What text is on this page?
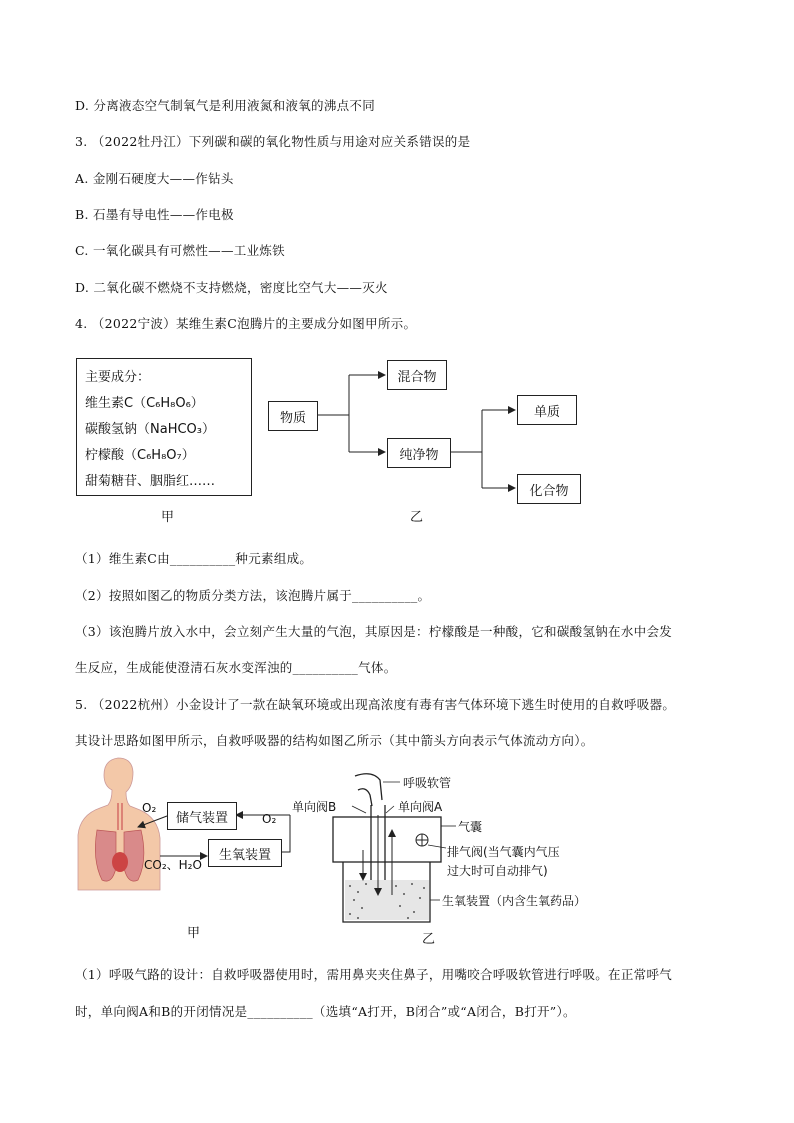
D. 分离液态空气制氧气是利用液氮和液氧的沸点不同
3. （2022牡丹江）下列碳和碳的氧化物性质与用途对应关系错误的是
A. 金刚石硬度大——作钻头
B. 石墨有导电性——作电极
C. 一氧化碳具有可燃性——工业炼铁
D. 二氧化碳不燃烧不支持燃烧，密度比空气大——灭火
4. （2022宁波）某维生素C泡腾片的主要成分如图甲所示。
主要成分：
维生素C（C₆H₈O₆）
碳酸氢钠（NaHCO₃）
柠檬酸（C₆H₈O₇）
甜菊糖苷、胭脂红……
甲
物质
混合物
纯净物
单质
化合物
乙
（1）维生素C由__________种元素组成。
（2）按照如图乙的物质分类方法，该泡腾片属于__________。
（3）该泡腾片放入水中，会立刻产生大量的气泡，其原因是：柠檬酸是一种酸，它和碳酸氢钠在水中会发
生反应，生成能使澄清石灰水变浑浊的__________气体。
5. （2022杭州）小金设计了一款在缺氧环境或出现高浓度有毒有害气体环境下逃生时使用的自救呼吸器。
其设计思路如图甲所示，自救呼吸器的结构如图乙所示（其中箭头方向表示气体流动方向）。
储气装置
生氧装置
O₂
O₂
CO₂、H₂O
甲
呼吸软管
单向阀B	单向阀A
气囊
排气阀(当气囊内气压
过大时可自动排气)
生氧装置（内含生氧药品）
乙
（1）呼吸气路的设计：自救呼吸器使用时，需用鼻夹夹住鼻子，用嘴咬合呼吸软管进行呼吸。在正常呼气
时，单向阀A和B的开闭情况是__________（选填“A打开，B闭合”或“A闭合，B打开”）。
